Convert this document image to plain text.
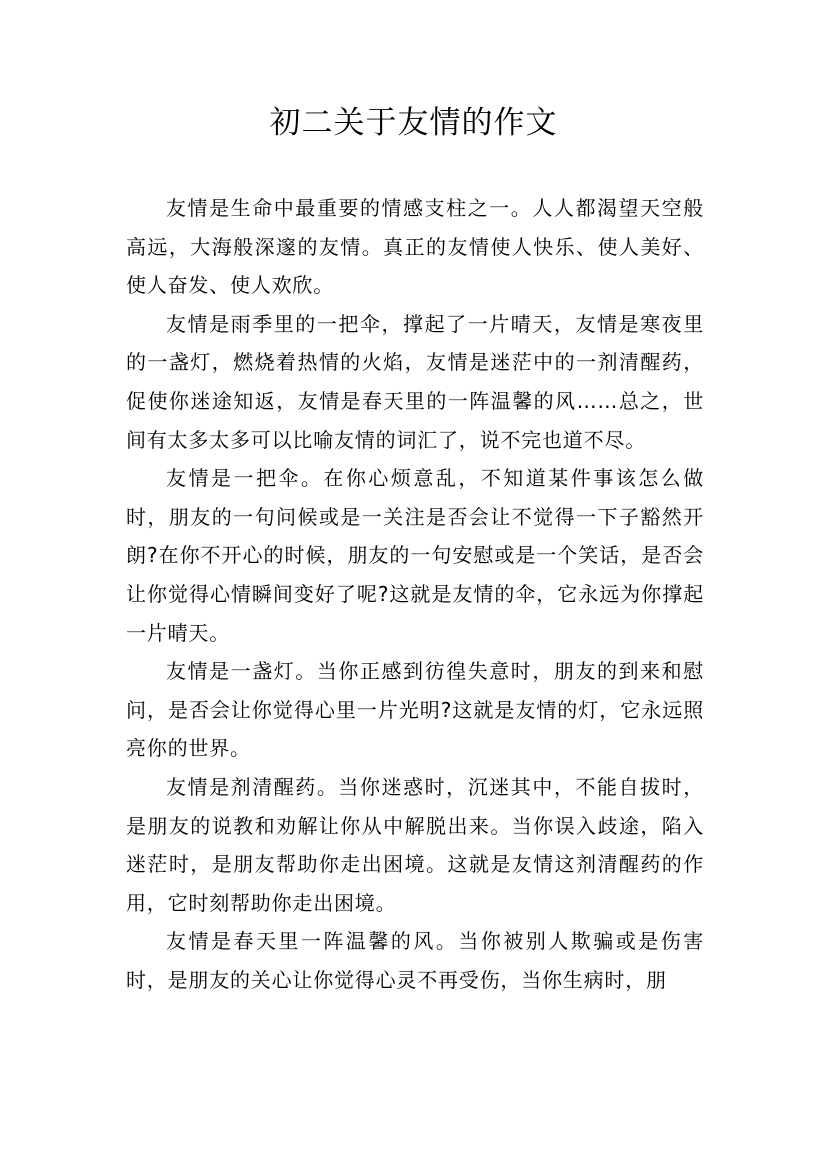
初二关于友情的作文

友情是生命中最重要的情感支柱之一。人人都渴望天空般高远，大海般深邃的友情。真正的友情使人快乐、使人美好、使人奋发、使人欢欣。

友情是雨季里的一把伞，撑起了一片晴天，友情是寒夜里的一盏灯，燃烧着热情的火焰，友情是迷茫中的一剂清醒药，促使你迷途知返，友情是春天里的一阵温馨的风……总之，世间有太多太多可以比喻友情的词汇了，说不完也道不尽。

友情是一把伞。在你心烦意乱，不知道某件事该怎么做时，朋友的一句问候或是一关注是否会让不觉得一下子豁然开朗?在你不开心的时候，朋友的一句安慰或是一个笑话，是否会让你觉得心情瞬间变好了呢?这就是友情的伞，它永远为你撑起一片晴天。

友情是一盏灯。当你正感到彷徨失意时，朋友的到来和慰问，是否会让你觉得心里一片光明?这就是友情的灯，它永远照亮你的世界。

友情是剂清醒药。当你迷惑时，沉迷其中，不能自拔时，是朋友的说教和劝解让你从中解脱出来。当你误入歧途，陷入迷茫时，是朋友帮助你走出困境。这就是友情这剂清醒药的作用，它时刻帮助你走出困境。

友情是春天里一阵温馨的风。当你被别人欺骗或是伤害时，是朋友的关心让你觉得心灵不再受伤，当你生病时，朋
